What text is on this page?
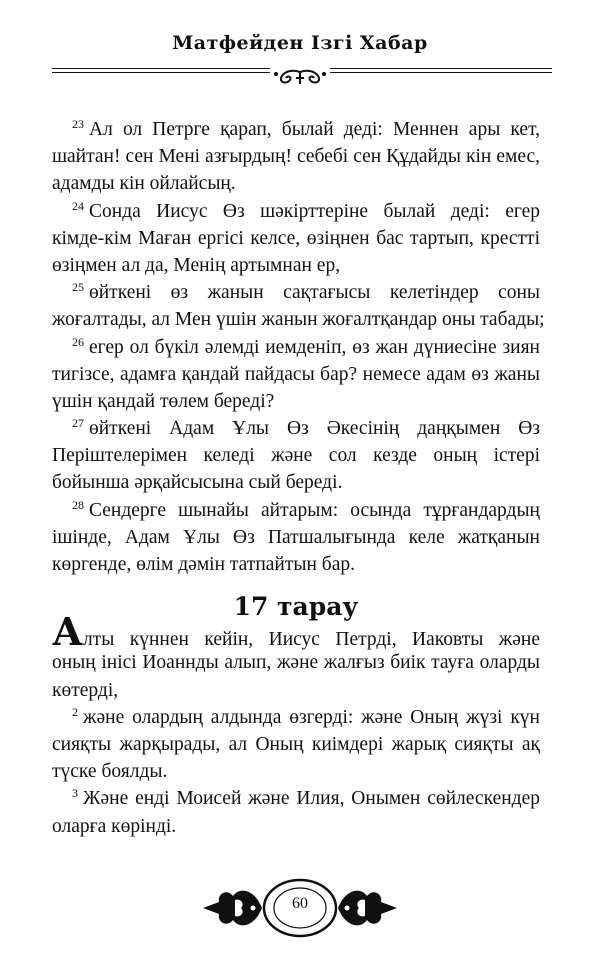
Матфейден Ізгі Хабар
$^{23}$ Ал ол Петрге қарап, былай деді: Меннен ары кет,
шайтан! сен Мені азғырдың! себебі сен Құдайды кін емес,
адамды кін ойлайсың.
$^{24}$ Сонда Иисус Өз шәкірттеріне былай деді: егер
кімде-кім Маған ергісі келсе, өзіңнен бас тартып, крестті
өзіңмен ал да, Менің артымнан ер,
$^{25}$ өйткені өз жанын сақтағысы келетіндер соны
жоғалтады, ал Мен үшін жанын жоғалтқандар оны табады;
$^{26}$ егер ол бүкіл әлемді иемденіп, өз жан дүниесіне зиян
тигізсе, адамға қандай пайдасы бар? немесе адам өз жаны
үшін қандай төлем береді?
$^{27}$ өйткені Адам Ұлы Өз Әкесінің даңқымен Өз
Періштелерімен келеді және сол кезде оның істері
бойынша әрқайсысына сый береді.
$^{28}$ Сендерге шынайы айтарым: осында тұрғандардың
ішінде, Адам Ұлы Өз Патшалығында келе жатқанын
көргенде, өлім дәмін татпайтын бар.
17 тарау
Алты күннен кейін, Иисус Петрді, Иаковты және
оның інісі Иоаннды алып, және жалғыз биік тауға оларды
көтерді,
$^2$ және олардың алдында өзгерді: және Оның жүзі күн
сияқты жарқырады, ал Оның киімдері жарық сияқты ақ
түске боялды.
$^3$ Және енді Моисей және Илия, Онымен сөйлескендер
оларға көрінді.
60
